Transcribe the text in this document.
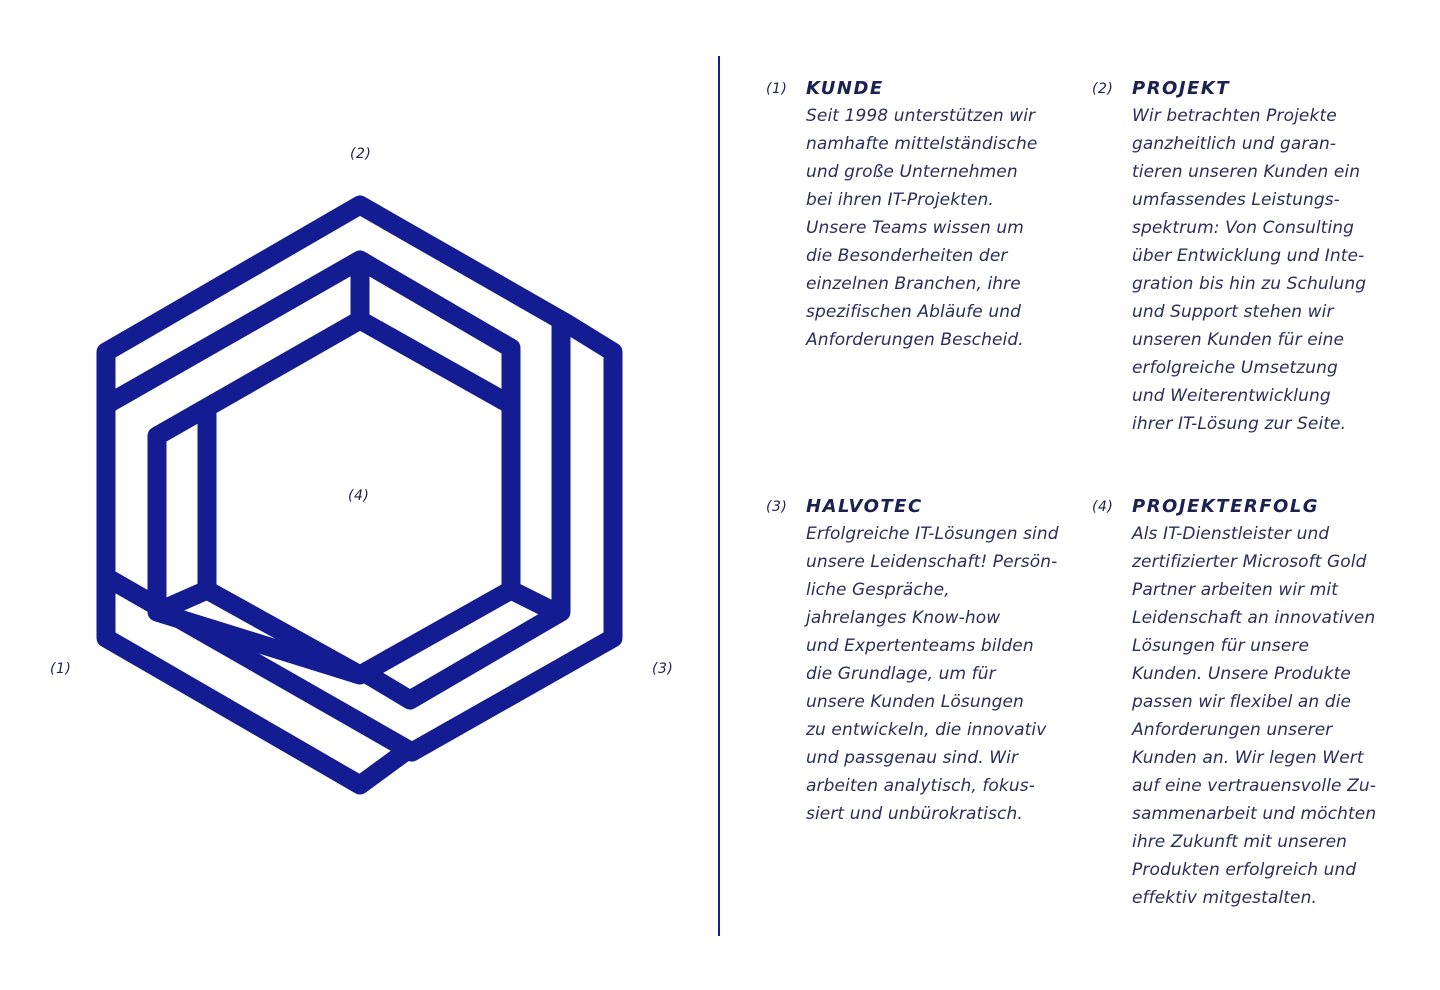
(2)
(4)
(1)	(3)
(1) KUNDE
Seit 1998 unterstützen wir
namhafte mittelständische
und große Unternehmen
bei ihren IT-Projekten.
Unsere Teams wissen um
die Besonderheiten der
einzelnen Branchen, ihre
spezifischen Abläufe und
Anforderungen Bescheid.
(2) PROJEKT
Wir betrachten Projekte
ganzheitlich und garan-
tieren unseren Kunden ein
umfassendes Leistungs-
spektrum: Von Consulting
über Entwicklung und Inte-
gration bis hin zu Schulung
und Support stehen wir
unseren Kunden für eine
erfolgreiche Umsetzung
und Weiterentwicklung
ihrer IT-Lösung zur Seite.
(3) HALVOTEC
Erfolgreiche IT-Lösungen sind
unsere Leidenschaft! Persön-
liche Gespräche,
jahrelanges Know-how
und Expertenteams bilden
die Grundlage, um für
unsere Kunden Lösungen
zu entwickeln, die innovativ
und passgenau sind. Wir
arbeiten analytisch, fokus-
siert und unbürokratisch.
(4) PROJEKTERFOLG
Als IT-Dienstleister und
zertifizierter Microsoft Gold
Partner arbeiten wir mit
Leidenschaft an innovativen
Lösungen für unsere
Kunden. Unsere Produkte
passen wir flexibel an die
Anforderungen unserer
Kunden an. Wir legen Wert
auf eine vertrauensvolle Zu-
sammenarbeit und möchten
ihre Zukunft mit unseren
Produkten erfolgreich und
effektiv mitgestalten.
